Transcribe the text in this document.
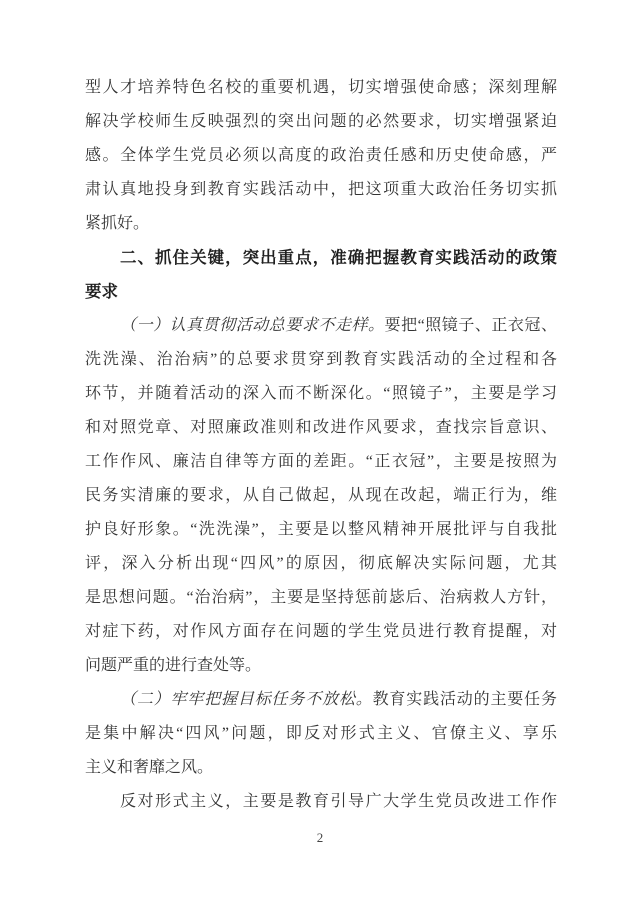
型人才培养特色名校的重要机遇，切实增强使命感；深刻理解
解决学校师生反映强烈的突出问题的必然要求，切实增强紧迫
感。全体学生党员必须以高度的政治责任感和历史使命感，严
肃认真地投身到教育实践活动中，把这项重大政治任务切实抓
紧抓好。
二、抓住关键，突出重点，准确把握教育实践活动的政策
要求
（一）认真贯彻活动总要求不走样。要把“照镜子、正衣冠、
洗洗澡、治治病”的总要求贯穿到教育实践活动的全过程和各
环节，并随着活动的深入而不断深化。“照镜子”，主要是学习
和对照党章、对照廉政准则和改进作风要求，查找宗旨意识、
工作作风、廉洁自律等方面的差距。“正衣冠”，主要是按照为
民务实清廉的要求，从自己做起，从现在改起，端正行为，维
护良好形象。“洗洗澡”，主要是以整风精神开展批评与自我批
评，深入分析出现“四风”的原因，彻底解决实际问题，尤其
是思想问题。“治治病”，主要是坚持惩前毖后、治病救人方针，
对症下药，对作风方面存在问题的学生党员进行教育提醒，对
问题严重的进行查处等。
（二）牢牢把握目标任务不放松。教育实践活动的主要任务
是集中解决“四风”问题，即反对形式主义、官僚主义、享乐
主义和奢靡之风。
反对形式主义，主要是教育引导广大学生党员改进工作作
2
